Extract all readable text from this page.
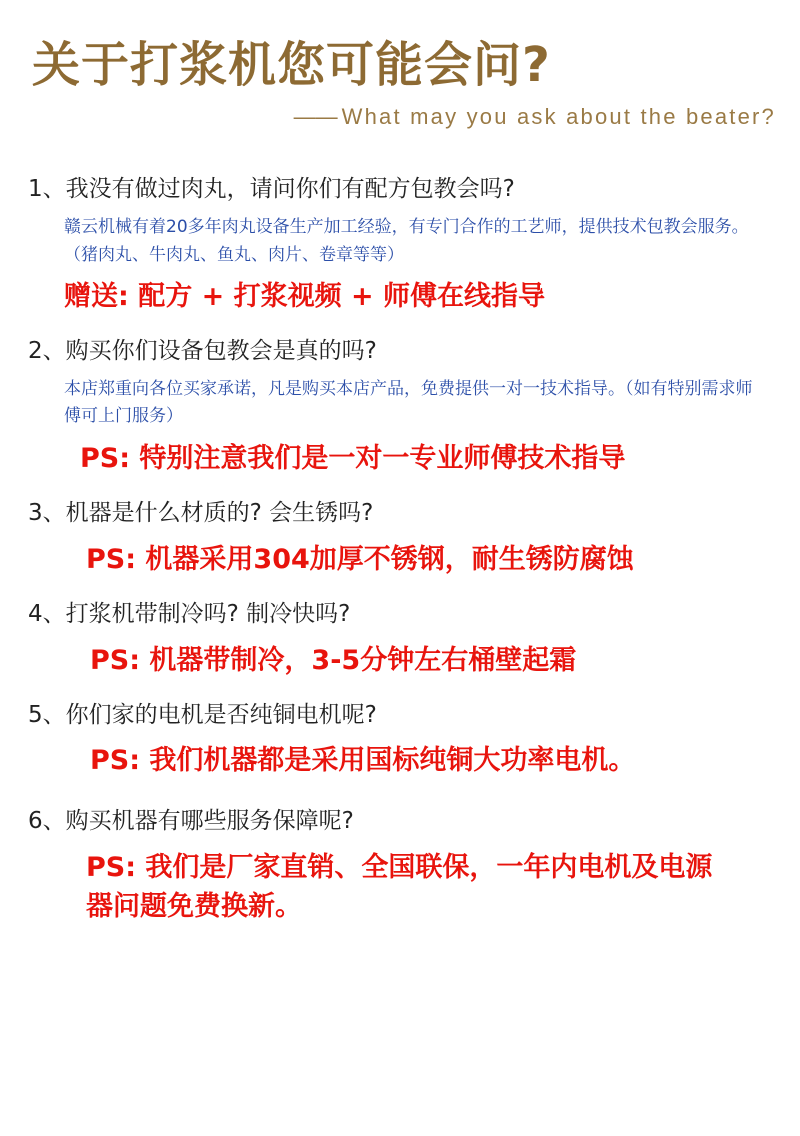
关于打浆机您可能会问?
—— What may you ask about the beater?
1、我没有做过肉丸，请问你们有配方包教会吗?
赣云机械有着20多年肉丸设备生产加工经验，有专门合作的工艺师，提供技术包教会服务。（猪肉丸、牛肉丸、鱼丸、肉片、卷章等等）
赠送: 配方 + 打浆视频 + 师傅在线指导
2、购买你们设备包教会是真的吗?
本店郑重向各位买家承诺，凡是购买本店产品，免费提供一对一技术指导。（如有特别需求师傅可上门服务）
PS: 特别注意我们是一对一专业师傅技术指导
3、机器是什么材质的? 会生锈吗?
PS: 机器采用304加厚不锈钢，耐生锈防腐蚀
4、打浆机带制冷吗? 制冷快吗?
PS: 机器带制冷，3-5分钟左右桶壁起霜
5、你们家的电机是否纯铜电机呢?
PS: 我们机器都是采用国标纯铜大功率电机。
6、购买机器有哪些服务保障呢?
PS: 我们是厂家直销、全国联保，一年内电机及电源器问题免费换新。
